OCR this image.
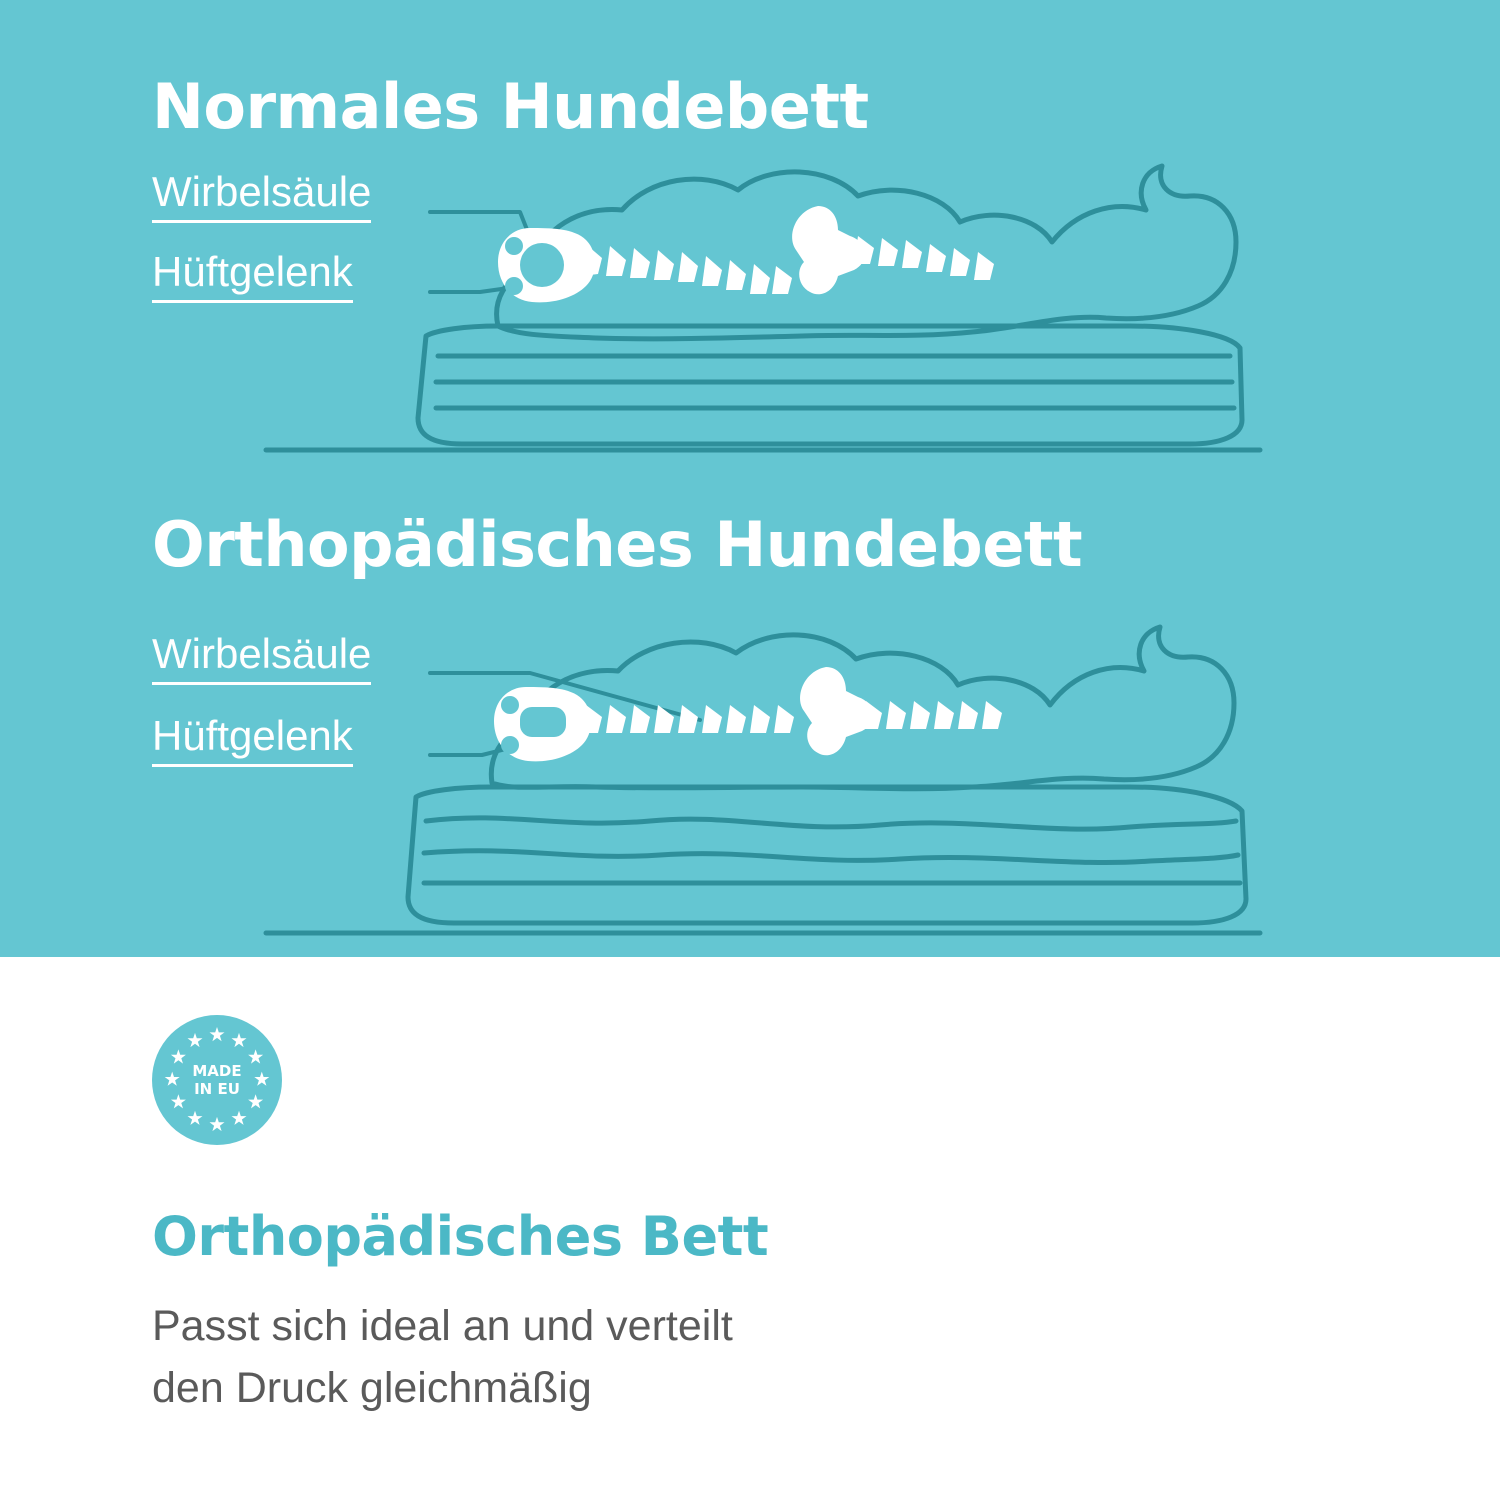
Normales Hundebett
Wirbelsäule
Hüftgelenk
Orthopädisches Hundebett
Wirbelsäule
Hüftgelenk
MADE
IN EU
Orthopädisches Bett
Passt sich ideal an und verteilt
den Druck gleichmäßig
